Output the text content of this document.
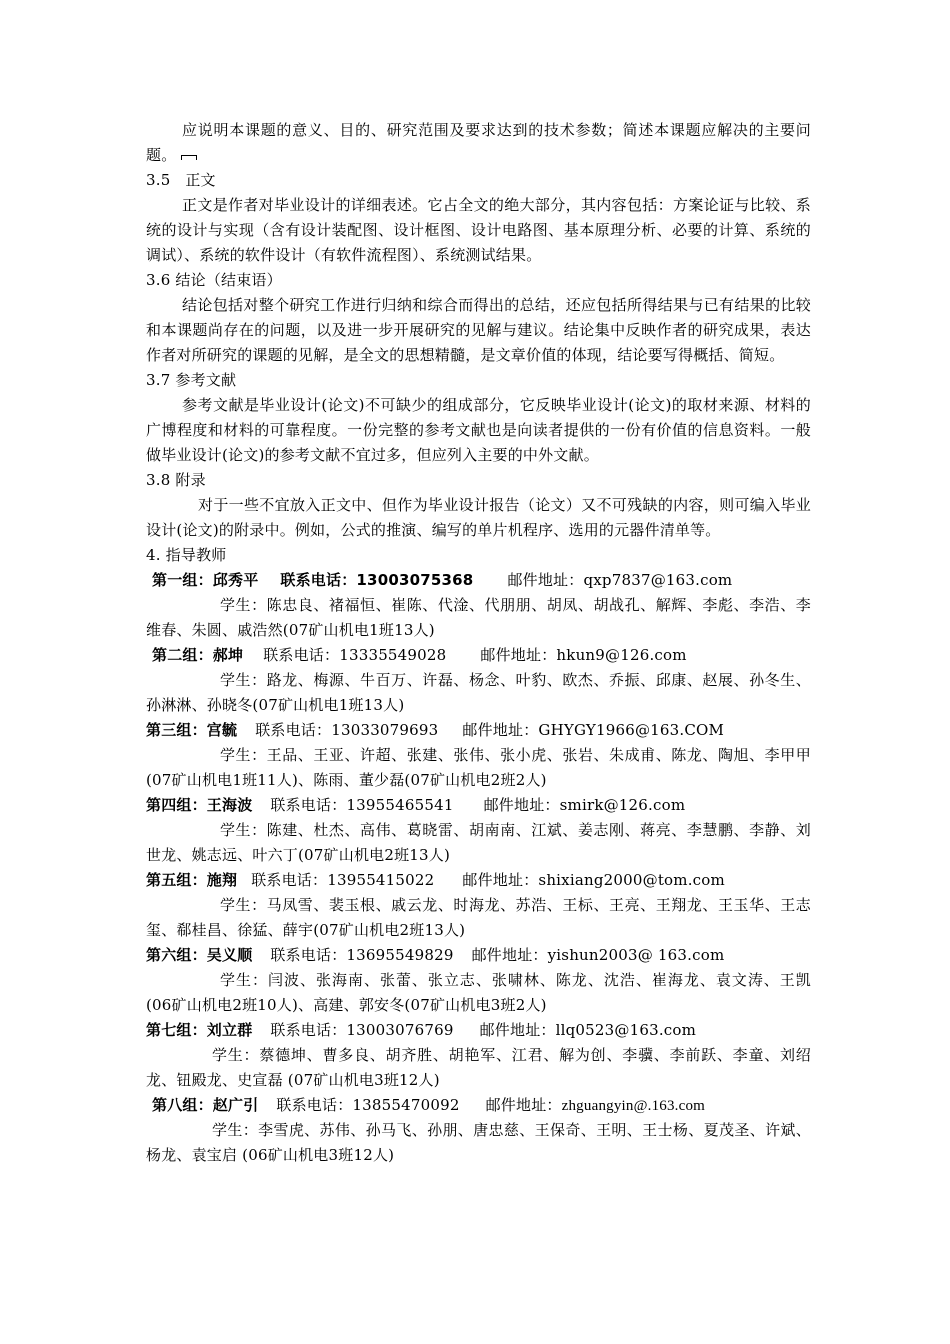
应说明本课题的意义、目的、研究范围及要求达到的技术参数；简述本课题应解决的主要问题。

3.5   正文

正文是作者对毕业设计的详细表述。它占全文的绝大部分，其内容包括：方案论证与比较、系统的设计与实现（含有设计装配图、设计框图、设计电路图、基本原理分析、必要的计算、系统的调试）、系统的软件设计（有软件流程图）、系统测试结果。

3.6 结论（结束语）

结论包括对整个研究工作进行归纳和综合而得出的总结，还应包括所得结果与已有结果的比较和本课题尚存在的问题，以及进一步开展研究的见解与建议。结论集中反映作者的研究成果，表达作者对所研究的课题的见解，是全文的思想精髓，是文章价值的体现，结论要写得概括、简短。

3.7 参考文献

参考文献是毕业设计(论文)不可缺少的组成部分，它反映毕业设计(论文)的取材来源、材料的广博程度和材料的可靠程度。一份完整的参考文献也是向读者提供的一份有价值的信息资料。一般做毕业设计(论文)的参考文献不宜过多，但应列入主要的中外文献。

3.8 附录

对于一些不宜放入正文中、但作为毕业设计报告（论文）又不可残缺的内容，则可编入毕业设计(论文)的附录中。例如，公式的推演、编写的单片机程序、选用的元器件清单等。

4. 指导教师
第一组：邱秀平 联系电话：13003075368 邮件地址：qxp7837@163.com

学生：陈忠良、褚福恒、崔陈、代淦、代朋朋、胡凤、胡战孔、解辉、李彪、李浩、李维春、朱圆、戚浩然(07矿山机电1班13人)

第二组：郝坤 联系电话：13335549028 邮件地址：hkun9@126.com

学生：路龙、梅源、牛百万、许磊、杨念、叶豹、欧杰、乔振、邱康、赵展、孙冬生、孙淋淋、孙晓冬(07矿山机电1班13人)

第三组：宫毓 联系电话：13033079693 邮件地址：GHYGY1966@163.COM

学生：王品、王亚、许超、张建、张伟、张小虎、张岩、朱成甫、陈龙、陶旭、李甲甲 (07矿山机电1班11人)、陈雨、董少磊(07矿山机电2班2人)

第四组：王海波 联系电话：13955465541 邮件地址：smirk@126.com

学生：陈建、杜杰、高伟、葛晓雷、胡南南、江斌、姜志刚、蒋亮、李慧鹏、李静、刘世龙、姚志远、叶六丁(07矿山机电2班13人)

第五组：施翔 联系电话：13955415022 邮件地址：shixiang2000@tom.com

学生：马凤雪、裴玉根、戚云龙、时海龙、苏浩、王标、王亮、王翔龙、王玉华、王志玺、郗桂昌、徐猛、薛宇(07矿山机电2班13人)

第六组：吴义顺 联系电话：13695549829 邮件地址：yishun2003@ 163.com

学生：闫波、张海南、张蕾、张立志、张啸林、陈龙、沈浩、崔海龙、袁文涛、王凯 (06矿山机电2班10人)、高建、郭安冬(07矿山机电3班2人)

第七组：刘立群 联系电话：13003076769 邮件地址：llq0523@163.com

学生：蔡德坤、曹多良、胡齐胜、胡艳军、江君、解为创、李骥、李前跃、李童、刘绍龙、钮殿龙、史宣磊 (07矿山机电3班12人)

第八组：赵广引 联系电话：13855470092 邮件地址：zhguangyin@.163.com

学生：李雪虎、苏伟、孙马飞、孙朋、唐忠慈、王保奇、王明、王士杨、夏茂圣、许斌、杨龙、袁宝启 (06矿山机电3班12人)
